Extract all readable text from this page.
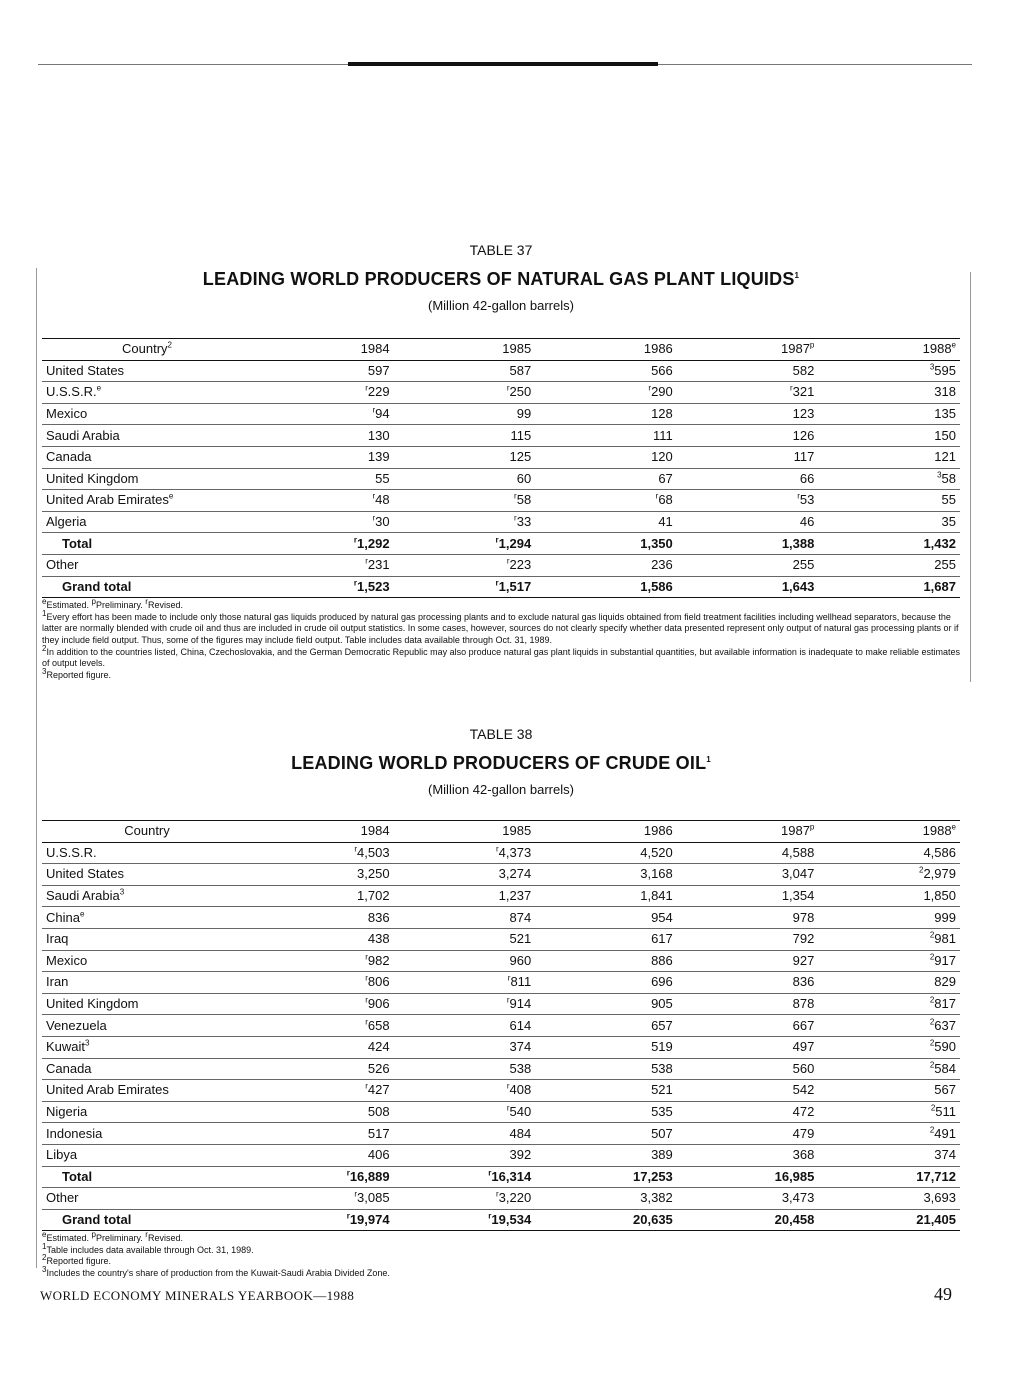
TABLE 37
LEADING WORLD PRODUCERS OF NATURAL GAS PLANT LIQUIDS$^1$
(Million 42-gallon barrels)
Country$^2$	1984	1985	1986	1987$^p$	1988e
United States	597	587	566	582	$^3$595
U.S.S.R.$^e$	$^r$229	$^r$250	$^r$290	$^r$321	318
Mexico	$^r$94	99	128	123	135
Saudi Arabia	130	115	111	126	150
Canada	139	125	120	117	121
United Kingdom	55	60	67	66	$^3$58
United Arab Emirates$^e$	$^r$48	$^r$58	$^r$68	$^r$53	55
Algeria	$^r$30	$^r$33	41	46	35
Total	$^r$1,292	$^r$1,294	1,350	1,388	1,432
Other	$^r$231	$^r$223	236	255	255
Grand total	$^r$1,523	$^r$1,517	1,586	1,643	1,687

$^e$Estimated. $^p$Preliminary. $^r$Revised.

$^1$Every effort has been made to include only those natural gas liquids produced by natural gas processing plants and to exclude natural gas liquids obtained from field treatment facilities including wellhead separators, because the latter are normally blended with crude oil and thus are included in crude oil output statistics. In some cases, however, sources do not clearly specify whether data presented represent only output of natural gas processing plants or if they include field output. Thus, some of the figures may include field output. Table includes data available through Oct. 31, 1989.

$^2$In addition to the countries listed, China, Czechoslovakia, and the German Democratic Republic may also produce natural gas plant liquids in substantial quantities, but available information is inadequate to make reliable estimates of output levels.

$^3$Reported figure.

TABLE 38
LEADING WORLD PRODUCERS OF CRUDE OIL$^1$
(Million 42-gallon barrels)
Country	1984	1985	1986	1987$^p$	1988e
U.S.S.R.	$^r$4,503	$^r$4,373	4,520	4,588	4,586
United States	3,250	3,274	3,168	3,047	$^2$2,979
Saudi Arabia$^3$	1,702	1,237	1,841	1,354	1,850
China$^e$	836	874	954	978	999
Iraq	438	521	617	792	$^2$981
Mexico	$^r$982	960	886	927	$^2$917
Iran	$^r$806	$^r$811	696	836	829
United Kingdom	$^r$906	$^r$914	905	878	$^2$817
Venezuela	$^r$658	614	657	667	$^2$637
Kuwait$^3$	424	374	519	497	$^2$590
Canada	526	538	538	560	$^2$584
United Arab Emirates	$^r$427	$^r$408	521	542	567
Nigeria	508	$^r$540	535	472	$^2$511
Indonesia	517	484	507	479	$^2$491
Libya	406	392	389	368	374
Total	$^r$16,889	$^r$16,314	17,253	16,985	17,712
Other	$^r$3,085	$^r$3,220	3,382	3,473	3,693
Grand total	$^r$19,974	$^r$19,534	20,635	20,458	21,405

$^e$Estimated. $^p$Preliminary. $^r$Revised.

$^1$Table includes data available through Oct. 31, 1989.

$^2$Reported figure.

$^3$Includes the country's share of production from the Kuwait-Saudi Arabia Divided Zone.

WORLD ECONOMY MINERALS YEARBOOK—1988	49
